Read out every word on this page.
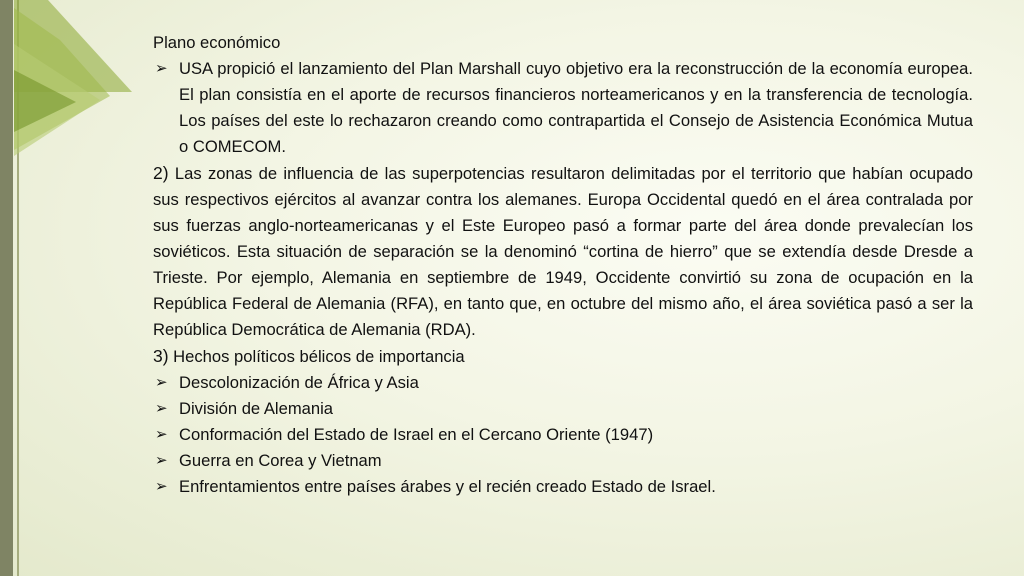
Plano económico

➢ USA propició el lanzamiento del Plan Marshall cuyo objetivo era la reconstrucción de la economía europea. El plan consistía en el aporte de recursos financieros norteamericanos y en la transferencia de tecnología. Los países del este lo rechazaron creando como contrapartida el Consejo de Asistencia Económica Mutua o COMECOM.

2) Las zonas de influencia de las superpotencias resultaron delimitadas por el territorio que habían ocupado sus respectivos ejércitos al avanzar contra los alemanes. Europa Occidental quedó en el área contralada por sus fuerzas anglo-norteamericanas y el Este Europeo pasó a formar parte del área donde prevalecían los soviéticos. Esta situación de separación se la denominó “cortina de hierro” que se extendía desde Dresde a Trieste. Por ejemplo, Alemania en septiembre de 1949, Occidente convirtió su zona de ocupación en la República Federal de Alemania (RFA), en tanto que, en octubre del mismo año, el área soviética pasó a ser la República Democrática de Alemania (RDA).

3) Hechos políticos bélicos de importancia

➢ Descolonización de África y Asia

➢ División de Alemania

➢ Conformación del Estado de Israel en el Cercano Oriente (1947)

➢ Guerra en Corea y Vietnam

➢ Enfrentamientos entre países árabes y el recién creado Estado de Israel.
